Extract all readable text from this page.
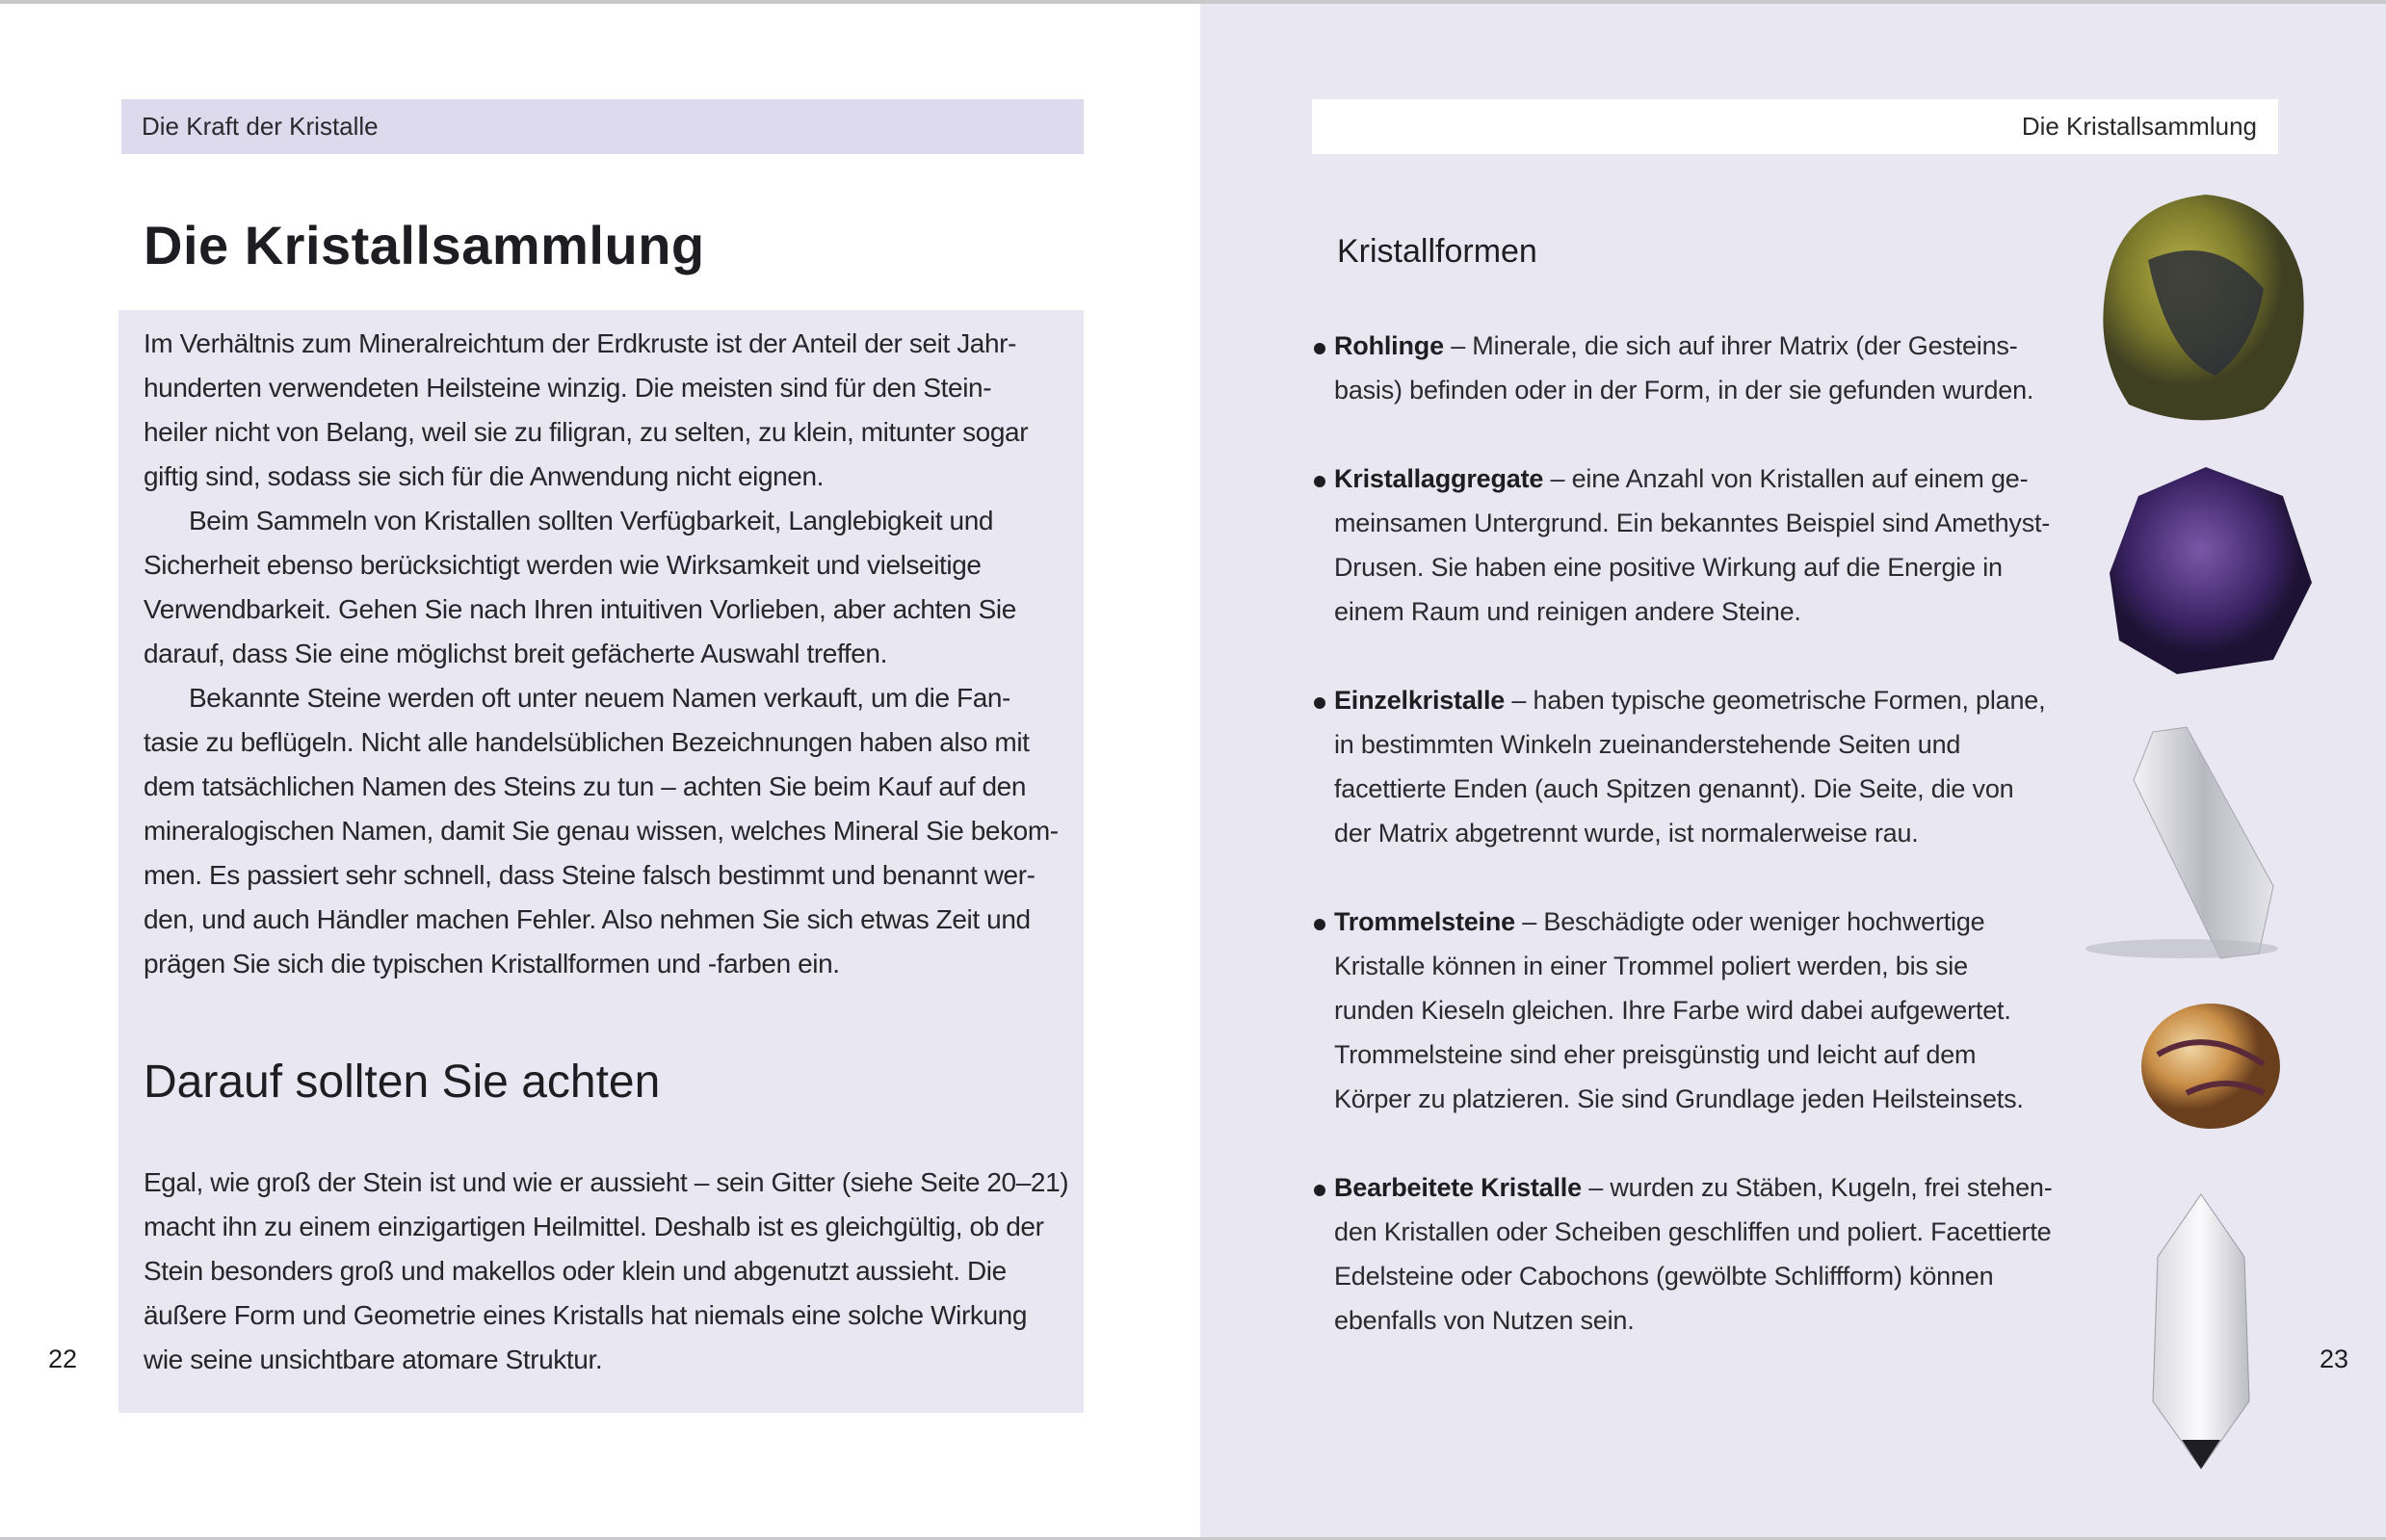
Die Kraft der Kristalle
Die Kristallsammlung
Im Verhältnis zum Mineralreichtum der Erdkruste ist der Anteil der seit Jahr-
hunderten verwendeten Heilsteine winzig. Die meisten sind für den Stein-
heiler nicht von Belang, weil sie zu filigran, zu selten, zu klein, mitunter sogar
giftig sind, sodass sie sich für die Anwendung nicht eignen.
Beim Sammeln von Kristallen sollten Verfügbarkeit, Langlebigkeit und
Sicherheit ebenso berücksichtigt werden wie Wirksamkeit und vielseitige
Verwendbarkeit. Gehen Sie nach Ihren intuitiven Vorlieben, aber achten Sie
darauf, dass Sie eine möglichst breit gefächerte Auswahl treffen.
Bekannte Steine werden oft unter neuem Namen verkauft, um die Fan-
tasie zu beflügeln. Nicht alle handelsüblichen Bezeichnungen haben also mit
dem tatsächlichen Namen des Steins zu tun – achten Sie beim Kauf auf den
mineralogischen Namen, damit Sie genau wissen, welches Mineral Sie bekom-
men. Es passiert sehr schnell, dass Steine falsch bestimmt und benannt wer-
den, und auch Händler machen Fehler. Also nehmen Sie sich etwas Zeit und
prägen Sie sich die typischen Kristallformen und -farben ein.
Darauf sollten Sie achten
Egal, wie groß der Stein ist und wie er aussieht – sein Gitter (siehe Seite 20–21)
macht ihn zu einem einzigartigen Heilmittel. Deshalb ist es gleichgültig, ob der
Stein besonders groß und makellos oder klein und abgenutzt aussieht. Die
äußere Form und Geometrie eines Kristalls hat niemals eine solche Wirkung
wie seine unsichtbare atomare Struktur.
22
Die Kristallsammlung
Kristallformen
Rohlinge – Minerale, die sich auf ihrer Matrix (der Gesteins-
basis) befinden oder in der Form, in der sie gefunden wurden.
Kristallaggregate – eine Anzahl von Kristallen auf einem ge-
meinsamen Untergrund. Ein bekanntes Beispiel sind Amethyst-
Drusen. Sie haben eine positive Wirkung auf die Energie in
einem Raum und reinigen andere Steine.
Einzelkristalle – haben typische geometrische Formen, plane,
in bestimmten Winkeln zueinanderstehende Seiten und
facettierte Enden (auch Spitzen genannt). Die Seite, die von
der Matrix abgetrennt wurde, ist normalerweise rau.
Trommelsteine – Beschädigte oder weniger hochwertige
Kristalle können in einer Trommel poliert werden, bis sie
runden Kieseln gleichen. Ihre Farbe wird dabei aufgewertet.
Trommelsteine sind eher preisgünstig und leicht auf dem
Körper zu platzieren. Sie sind Grundlage jeden Heilsteinsets.
Bearbeitete Kristalle – wurden zu Stäben, Kugeln, frei stehen-
den Kristallen oder Scheiben geschliffen und poliert. Facettierte
Edelsteine oder Cabochons (gewölbte Schliffform) können
ebenfalls von Nutzen sein.
23
